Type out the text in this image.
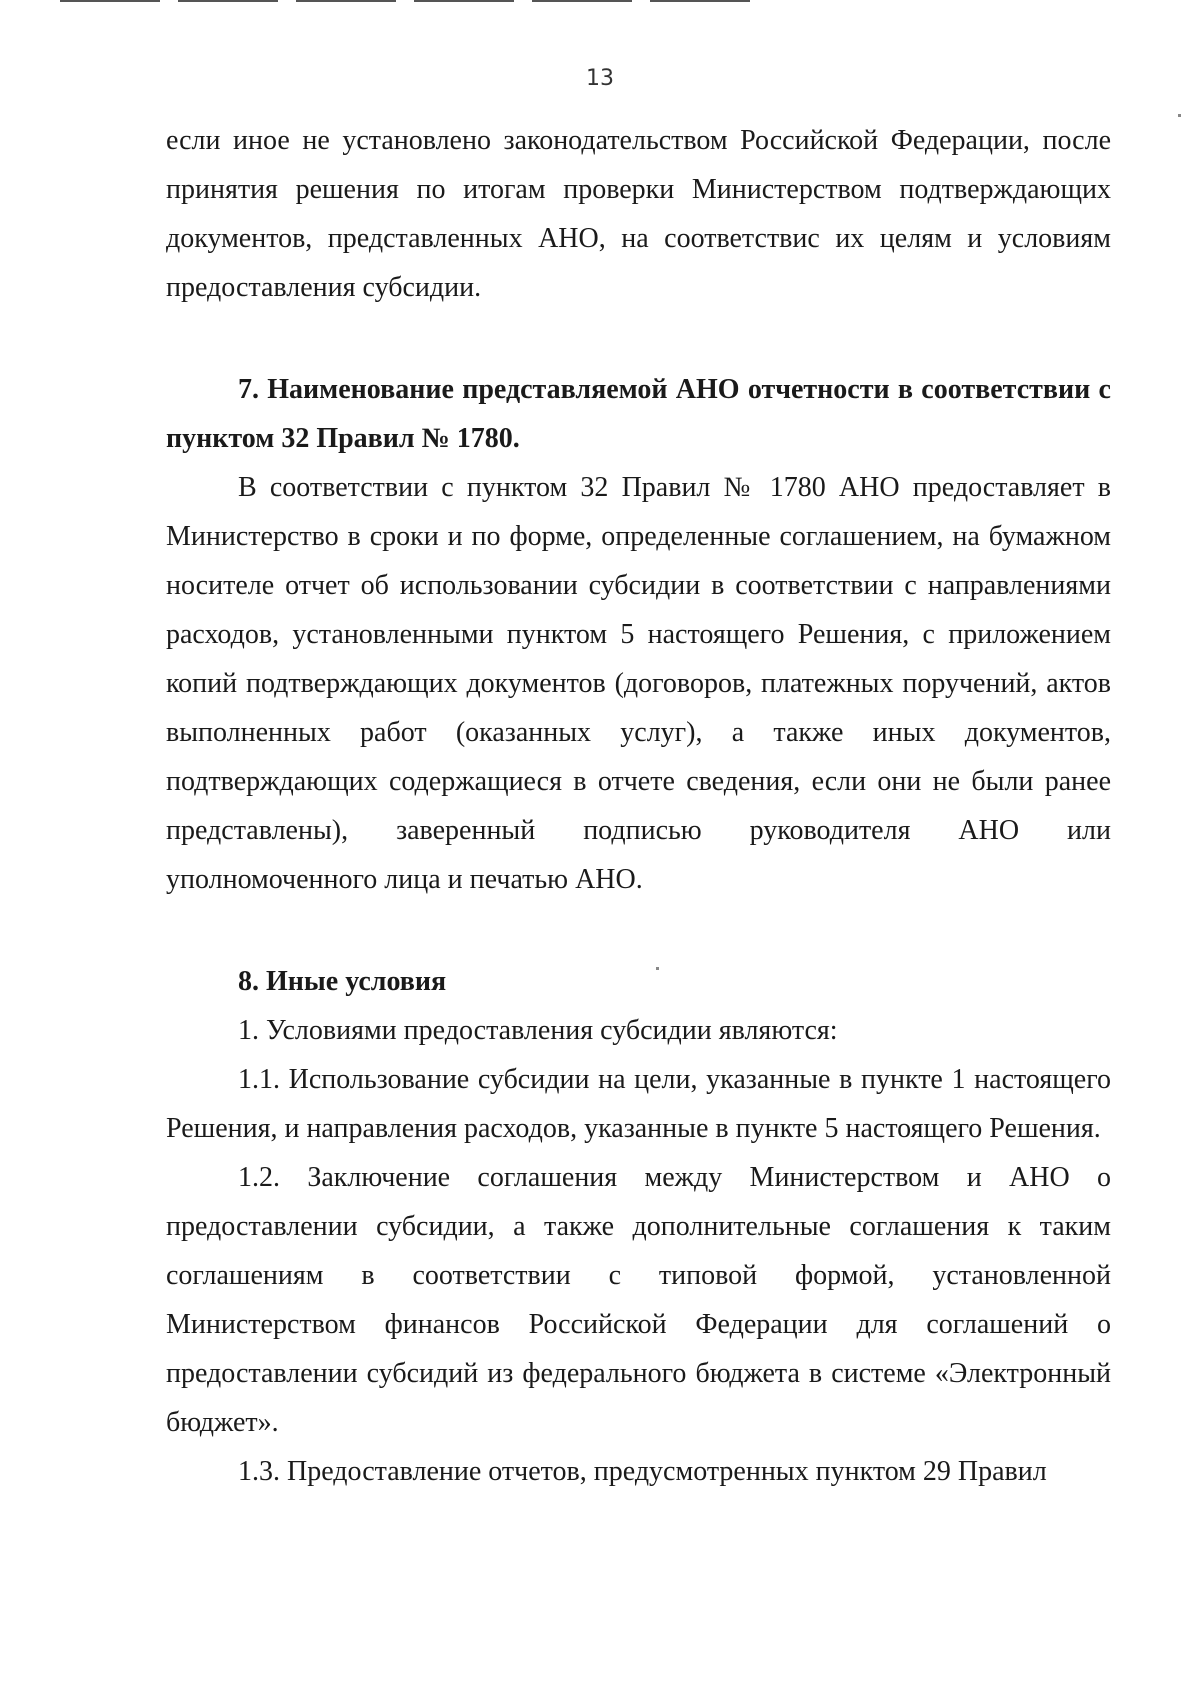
13

если иное не установлено законодательством Российской Федерации, после принятия решения по итогам проверки Министерством подтверждающих документов, представленных АНО, на соответствис их целям и условиям предоставления субсидии.

7. Наименование представляемой АНО отчетности в соответствии с пунктом 32 Правил № 1780.

В соответствии с пунктом 32 Правил № 1780 АНО предоставляет в Министерство в сроки и по форме, определенные соглашением, на бумажном носителе отчет об использовании субсидии в соответствии с направлениями расходов, установленными пунктом 5 настоящего Решения, с приложением копий подтверждающих документов (договоров, платежных поручений, актов выполненных работ (оказанных услуг), а также иных документов, подтверждающих содержащиеся в отчете сведения, если они не были ранее представлены), заверенный подписью руководителя АНО или уполномоченного лица и печатью АНО.

8. Иные условия

1. Условиями предоставления субсидии являются:

1.1. Использование субсидии на цели, указанные в пункте 1 настоящего Решения, и направления расходов, указанные в пункте 5 настоящего Решения.

1.2. Заключение соглашения между Министерством и АНО о предоставлении субсидии, а также дополнительные соглашения к таким соглашениям в соответствии с типовой формой, установленной Министерством финансов Российской Федерации для соглашений о предоставлении субсидий из федерального бюджета в системе «Электронный бюджет».

1.3. Предоставление отчетов, предусмотренных пунктом 29 Правил
